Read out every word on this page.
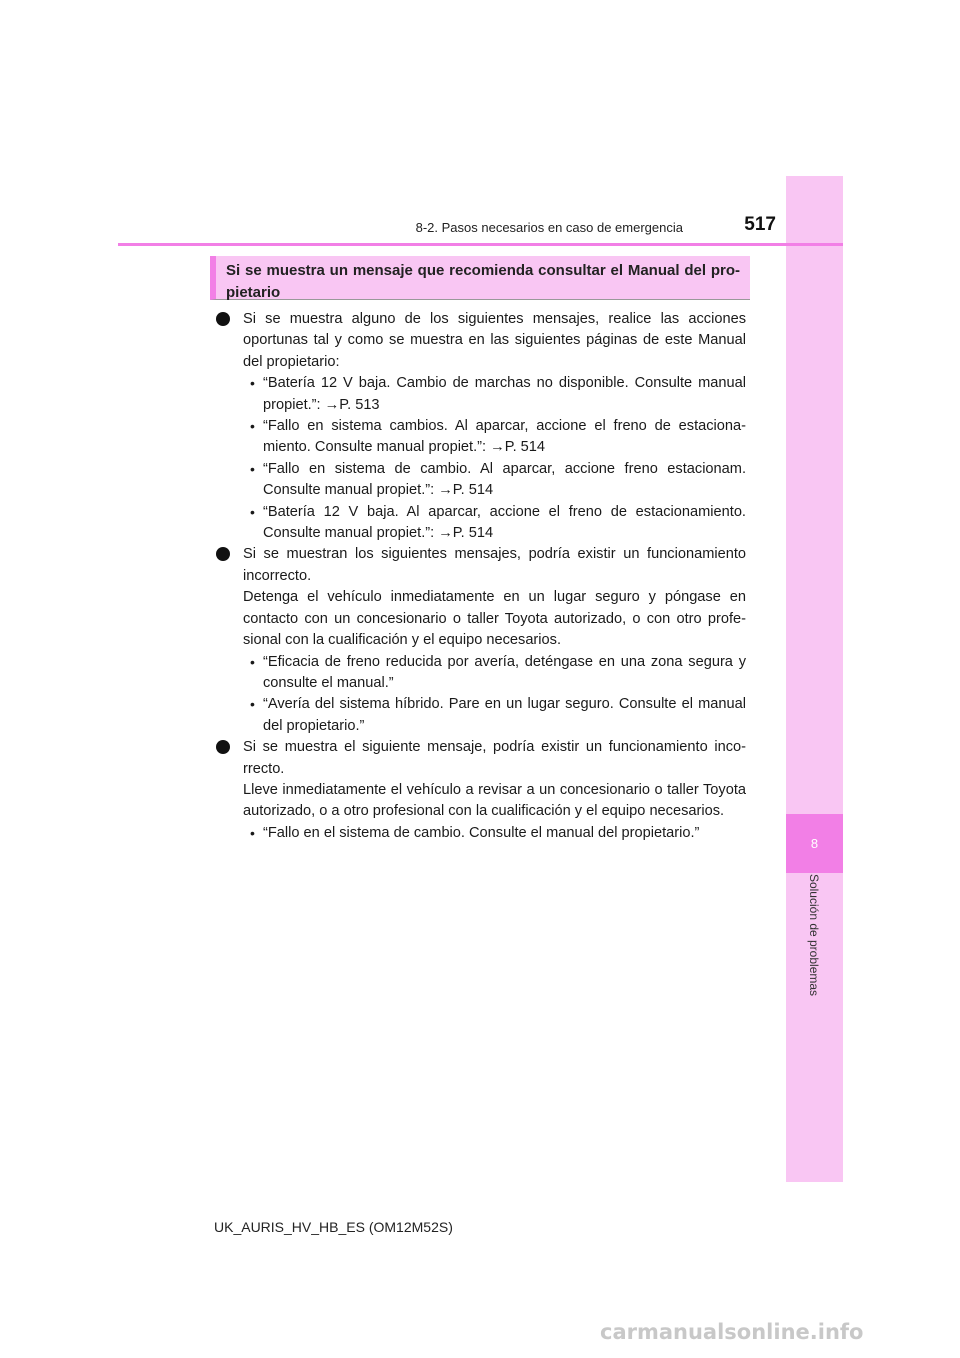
8
Solución de problemas
8-2. Pasos necesarios en caso de emergencia	517
Si se muestra un mensaje que recomienda consultar el Manual del pro-pietario

Si se muestra alguno de los siguientes mensajes, realice las acciones oportunas tal y como se muestra en las siguientes páginas de este Manual del propietario:

• “Batería 12 V baja. Cambio de marchas no disponible. Consulte manual propiet.”: →P. 513
• “Fallo en sistema cambios. Al aparcar, accione el freno de estaciona-miento. Consulte manual propiet.”: →P. 514
• “Fallo en sistema de cambio. Al aparcar, accione freno estacionam. Consulte manual propiet.”: →P. 514
• “Batería 12 V baja. Al aparcar, accione el freno de estacionamiento. Consulte manual propiet.”: →P. 514

Si se muestran los siguientes mensajes, podría existir un funcionamiento incorrecto.

Detenga el vehículo inmediatamente en un lugar seguro y póngase en contacto con un concesionario o taller Toyota autorizado, o con otro profe-sional con la cualificación y el equipo necesarios.

• “Eficacia de freno reducida por avería, deténgase en una zona segura y consulte el manual.”
• “Avería del sistema híbrido. Pare en un lugar seguro. Consulte el manual del propietario.”

Si se muestra el siguiente mensaje, podría existir un funcionamiento inco-rrecto.

Lleve inmediatamente el vehículo a revisar a un concesionario o taller Toyota autorizado, o a otro profesional con la cualificación y el equipo necesarios.

• “Fallo en el sistema de cambio. Consulte el manual del propietario.”
UK_AURIS_HV_HB_ES (OM12M52S)
carmanualsonline.info
